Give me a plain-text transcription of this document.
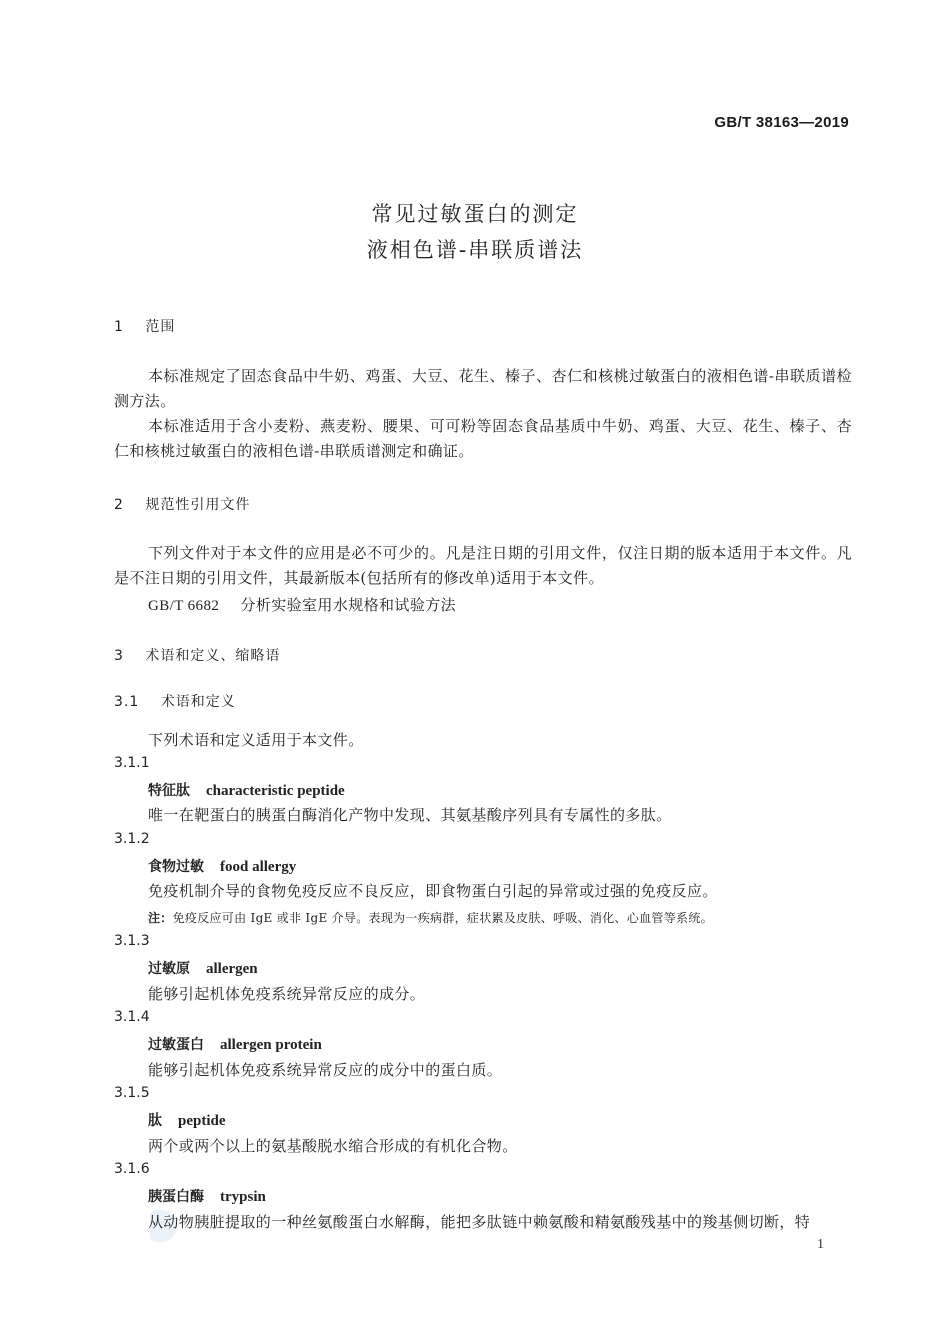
GB/T 38163—2019
常见过敏蛋白的测定
液相色谱-串联质谱法
1 范围

本标准规定了固态食品中牛奶、鸡蛋、大豆、花生、榛子、杏仁和核桃过敏蛋白的液相色谱-串联质谱检测方法。

本标准适用于含小麦粉、燕麦粉、腰果、可可粉等固态食品基质中牛奶、鸡蛋、大豆、花生、榛子、杏仁和核桃过敏蛋白的液相色谱-串联质谱测定和确证。

2 规范性引用文件

下列文件对于本文件的应用是必不可少的。凡是注日期的引用文件，仅注日期的版本适用于本文件。凡是不注日期的引用文件，其最新版本(包括所有的修改单)适用于本文件。

GB/T 6682 分析实验室用水规格和试验方法
3 术语和定义、缩略语
3.1 术语和定义
下列术语和定义适用于本文件。
3.1.1
特征肽 characteristic peptide
唯一在靶蛋白的胰蛋白酶消化产物中发现、其氨基酸序列具有专属性的多肽。
3.1.2
食物过敏 food allergy
免疫机制介导的食物免疫反应不良反应，即食物蛋白引起的异常或过强的免疫反应。
注：免疫反应可由 IgE 或非 IgE 介导。表现为一疾病群，症状累及皮肤、呼吸、消化、心血管等系统。
3.1.3
过敏原 allergen
能够引起机体免疫系统异常反应的成分。
3.1.4
过敏蛋白 allergen protein
能够引起机体免疫系统异常反应的成分中的蛋白质。
3.1.5
肽 peptide
两个或两个以上的氨基酸脱水缩合形成的有机化合物。
3.1.6
胰蛋白酶 trypsin
从动物胰脏提取的一种丝氨酸蛋白水解酶，能把多肽链中赖氨酸和精氨酸残基中的羧基侧切断，特
1
